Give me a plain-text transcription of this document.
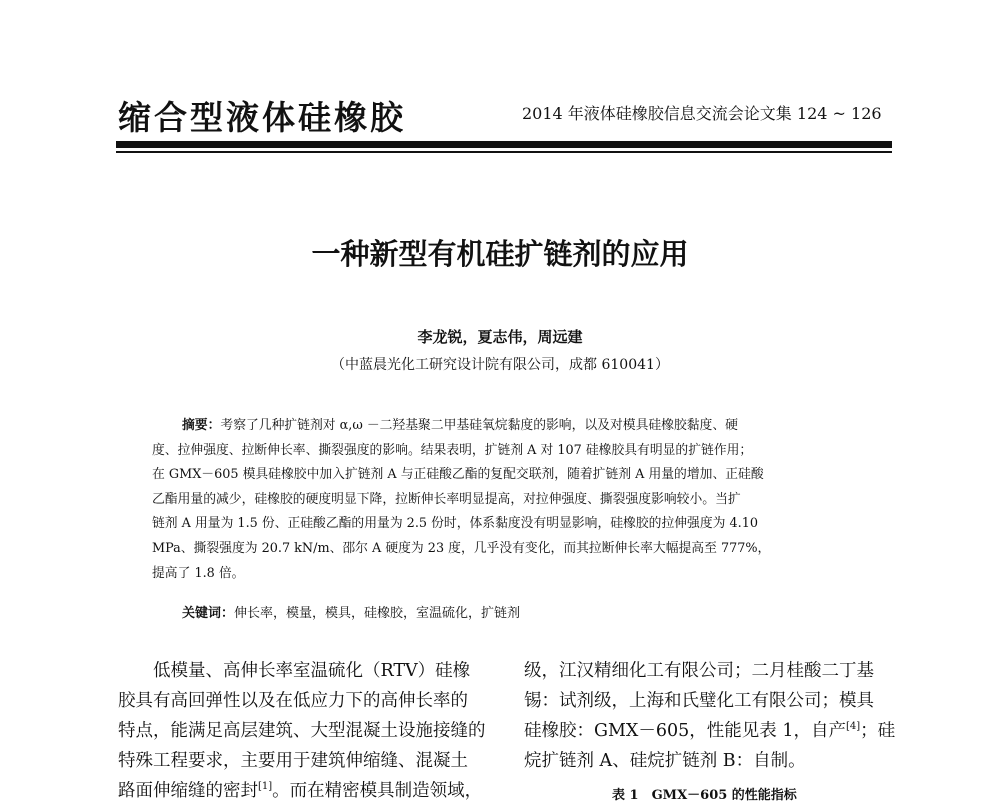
缩合型液体硅橡胶	2014 年液体硅橡胶信息交流会论文集 124 ~ 126
一种新型有机硅扩链剂的应用
李龙锐，夏志伟，周远建
（中蓝晨光化工研究设计院有限公司，成都 610041）
摘要：考察了几种扩链剂对 α,ω －二羟基聚二甲基硅氧烷黏度的影响，以及对模具硅橡胶黏度、硬
度、拉伸强度、拉断伸长率、撕裂强度的影响。结果表明，扩链剂 A 对 107 硅橡胶具有明显的扩链作用；
在 GMX－605 模具硅橡胶中加入扩链剂 A 与正硅酸乙酯的复配交联剂，随着扩链剂 A 用量的增加、正硅酸
乙酯用量的减少，硅橡胶的硬度明显下降，拉断伸长率明显提高，对拉伸强度、撕裂强度影响较小。当扩
链剂 A 用量为 1.5 份、正硅酸乙酯的用量为 2.5 份时，体系黏度没有明显影响，硅橡胶的拉伸强度为 4.10
MPa、撕裂强度为 20.7 kN/m、邵尔 A 硬度为 23 度，几乎没有变化，而其拉断伸长率大幅提高至 777%，
提高了 1.8 倍。
关键词：伸长率，模量，模具，硅橡胶，室温硫化，扩链剂
低模量、高伸长率室温硫化（RTV）硅橡
胶具有高回弹性以及在低应力下的高伸长率的
特点，能满足高层建筑、大型混凝土设施接缝的
特殊工程要求，主要用于建筑伸缩缝、混凝土
路面伸缩缝的密封[1]。而在精密模具制造领域，
级，江汉精细化工有限公司；二月桂酸二丁基
锡：试剂级，上海和氏璧化工有限公司；模具
硅橡胶：GMX－605，性能见表 1，自产[4]；硅
烷扩链剂 A、硅烷扩链剂 B：自制。
表 1　GMX－605 的性能指标
